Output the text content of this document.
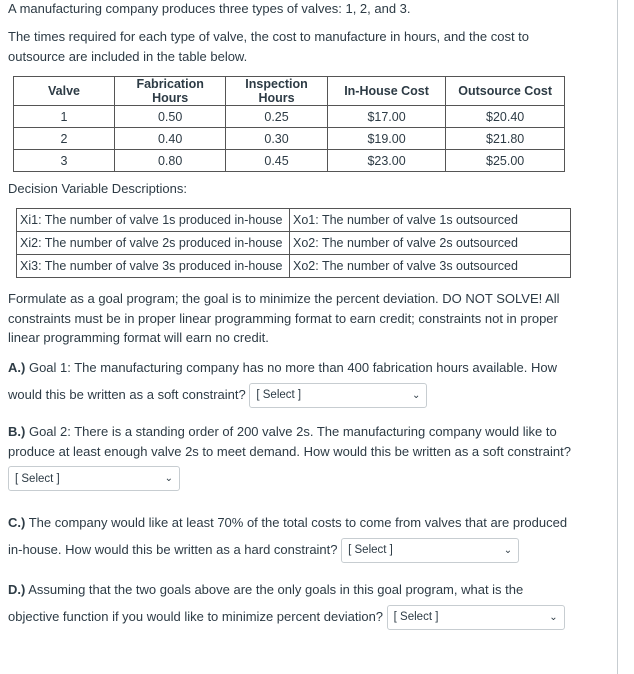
A manufacturing company produces three types of valves: 1, 2, and 3.

The times required for each type of valve, the cost to manufacture in hours, and the cost to outsource are included in the table below.

Valve	Fabrication Hours	Inspection Hours	In-House Cost	Outsource Cost
1	0.50	0.25	$17.00	$20.40
2	0.40	0.30	$19.00	$21.80
3	0.80	0.45	$23.00	$25.00

Decision Variable Descriptions:

Xi1: The number of valve 1s produced in-house	Xo1: The number of valve 1s outsourced
Xi2: The number of valve 2s produced in-house	Xo2: The number of valve 2s outsourced
Xi3: The number of valve 3s produced in-house	Xo2: The number of valve 3s outsourced

Formulate as a goal program; the goal is to minimize the percent deviation. DO NOT SOLVE! All constraints must be in proper linear programming format to earn credit; constraints not in proper linear programming format will earn no credit.

A.) Goal 1: The manufacturing company has no more than 400 fabrication hours available. How would this be written as a soft constraint? [ Select ]	⌄
B.) Goal 2: There is a standing order of 200 valve 2s. The manufacturing company would like to produce at least enough valve 2s to meet demand. How would this be written as a soft constraint?

[ Select ]	⌄
C.) The company would like at least 70% of the total costs to come from valves that are produced in-house. How would this be written as a hard constraint? [ Select ]	⌄
D.) Assuming that the two goals above are the only goals in this goal program, what is the objective function if you would like to minimize percent deviation? [ Select ]	⌄
